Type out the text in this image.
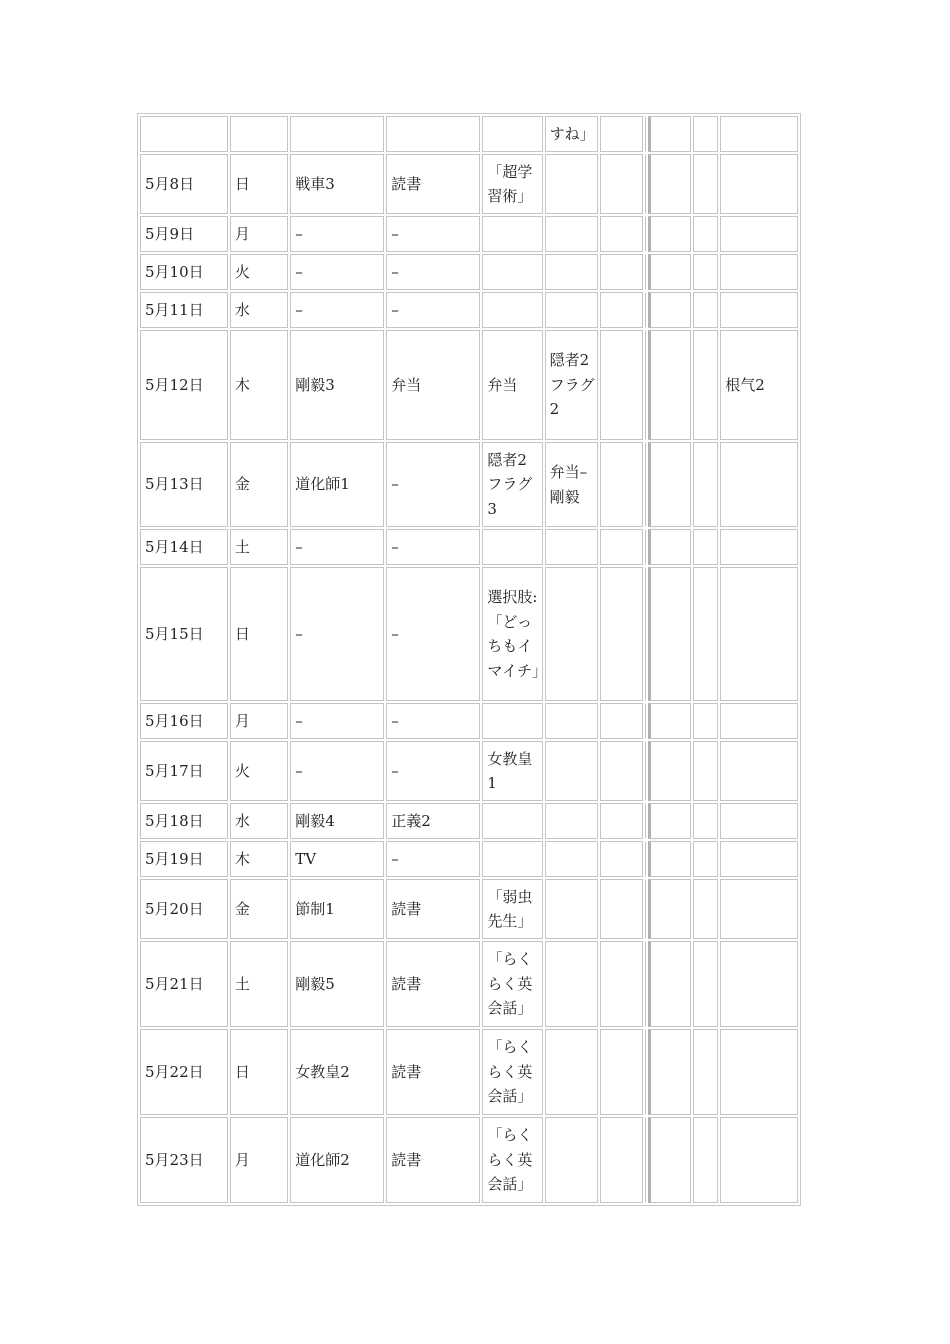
					すね」					
5月8日	日	戦車3	読書	「超学習術」						
5月9日	月	–	–							
5月10日	火	–	–							
5月11日	水	–	–							
5月12日	木	剛毅3	弁当	弁当	隠者2 フラグ2					根气2
5月13日	金	道化師1	–	隠者2 フラグ3	弁当–剛毅					
5月14日	土	–	–							
5月15日	日	–	–	選択肢:「どっちもイマイチ」						
5月16日	月	–	–							
5月17日	火	–	–	女教皇1						
5月18日	水	剛毅4	正義2							
5月19日	木	TV	–							
5月20日	金	節制1	読書	「弱虫先生」						
5月21日	土	剛毅5	読書	「らくらく英会話」						
5月22日	日	女教皇2	読書	「らくらく英会話」						
5月23日	月	道化師2	読書	「らくらく英会話」						
